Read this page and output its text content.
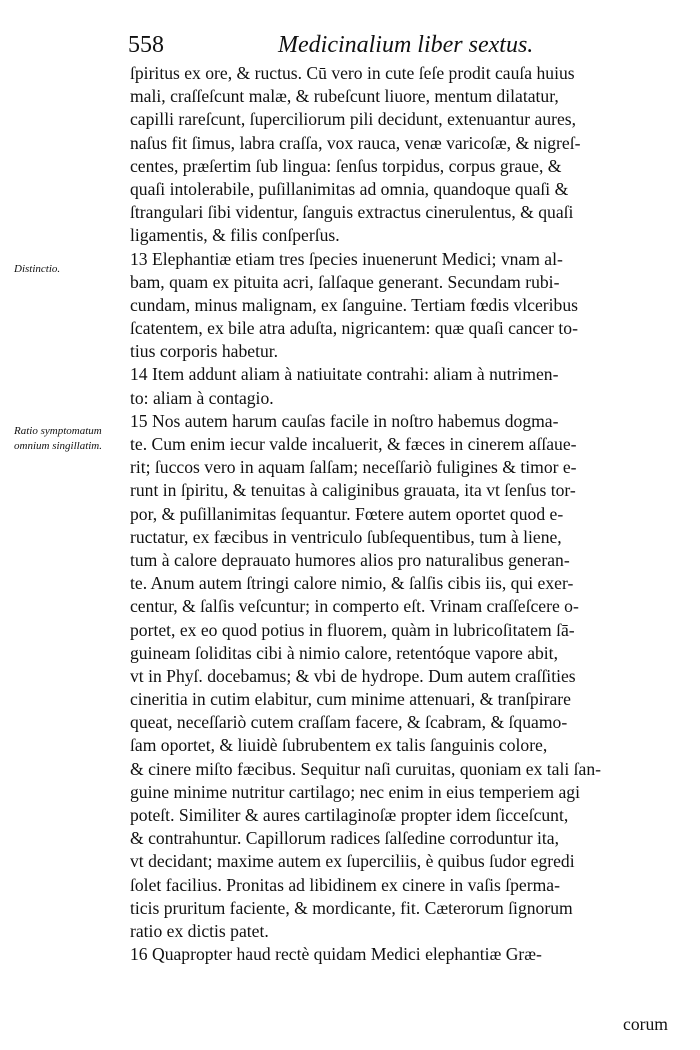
558	Medicinalium liber sextus.
Distinctio.
Ratio symptomatum omnium singillatim.
ſpiritus ex ore, & ructus. Cū vero in cute ſeſe prodit cauſa huius
mali, craſſeſcunt malæ, & rubeſcunt liuore, mentum dilatatur,
capilli rareſcunt, ſuperciliorum pili decidunt, extenuantur aures,
naſus fit ſimus, labra craſſa, vox rauca, venæ varicoſæ, & nigreſ-
centes, præſertim ſub lingua: ſenſus torpidus, corpus graue, &
quaſi intolerabile, puſillanimitas ad omnia, quandoque quaſi &
ſtrangulari ſibi videntur, ſanguis extractus cinerulentus, & quaſi
ligamentis, & filis conſperſus.
13 Elephantiæ etiam tres ſpecies inuenerunt Medici; vnam al-
bam, quam ex pituita acri, ſalſaque generant. Secundam rubi-
cundam, minus malignam, ex ſanguine. Tertiam fœdis vlceribus
ſcatentem, ex bile atra aduſta, nigricantem: quæ quaſi cancer to-
tius corporis habetur.
14 Item addunt aliam à natiuitate contrahi: aliam à nutrimen-
to: aliam à contagio.
15 Nos autem harum cauſas facile in noſtro habemus dogma-
te. Cum enim iecur valde incaluerit, & fæces in cinerem aſſaue-
rit; ſuccos vero in aquam ſalſam; neceſſariò fuligines & timor e-
runt in ſpiritu, & tenuitas à caliginibus grauata, ita vt ſenſus tor-
por, & puſillanimitas ſequantur. Fœtere autem oportet quod e-
ructatur, ex fæcibus in ventriculo ſubſequentibus, tum à liene,
tum à calore deprauato humores alios pro naturalibus generan-
te. Anum autem ſtringi calore nimio, & ſalſis cibis iis, qui exer-
centur, & ſalſis veſcuntur; in comperto eſt. Vrinam craſſeſcere o-
portet, ex eo quod potius in fluorem, quàm in lubricoſitatem ſā-
guineam ſoliditas cibi à nimio calore, retentóque vapore abit,
vt in Phyſ. docebamus; & vbi de hydrope. Dum autem craſſities
cineritia in cutim elabitur, cum minime attenuari, & tranſpirare
queat, neceſſariò cutem craſſam facere, & ſcabram, & ſquamo-
ſam oportet, & liuidè ſubrubentem ex talis ſanguinis colore,
& cinere miſto fæcibus. Sequitur naſi curuitas, quoniam ex tali ſan-
guine minime nutritur cartilago; nec enim in eius temperiem agi
poteſt. Similiter & aures cartilaginoſæ propter idem ſicceſcunt,
& contrahuntur. Capillorum radices ſalſedine corroduntur ita,
vt decidant; maxime autem ex ſuperciliis, è quibus ſudor egredi
ſolet facilius. Pronitas ad libidinem ex cinere in vaſis ſperma-
ticis pruritum faciente, & mordicante, fit. Cæterorum ſignorum
ratio ex dictis patet.
16 Quapropter haud rectè quidam Medici elephantiæ Græ-
corum
